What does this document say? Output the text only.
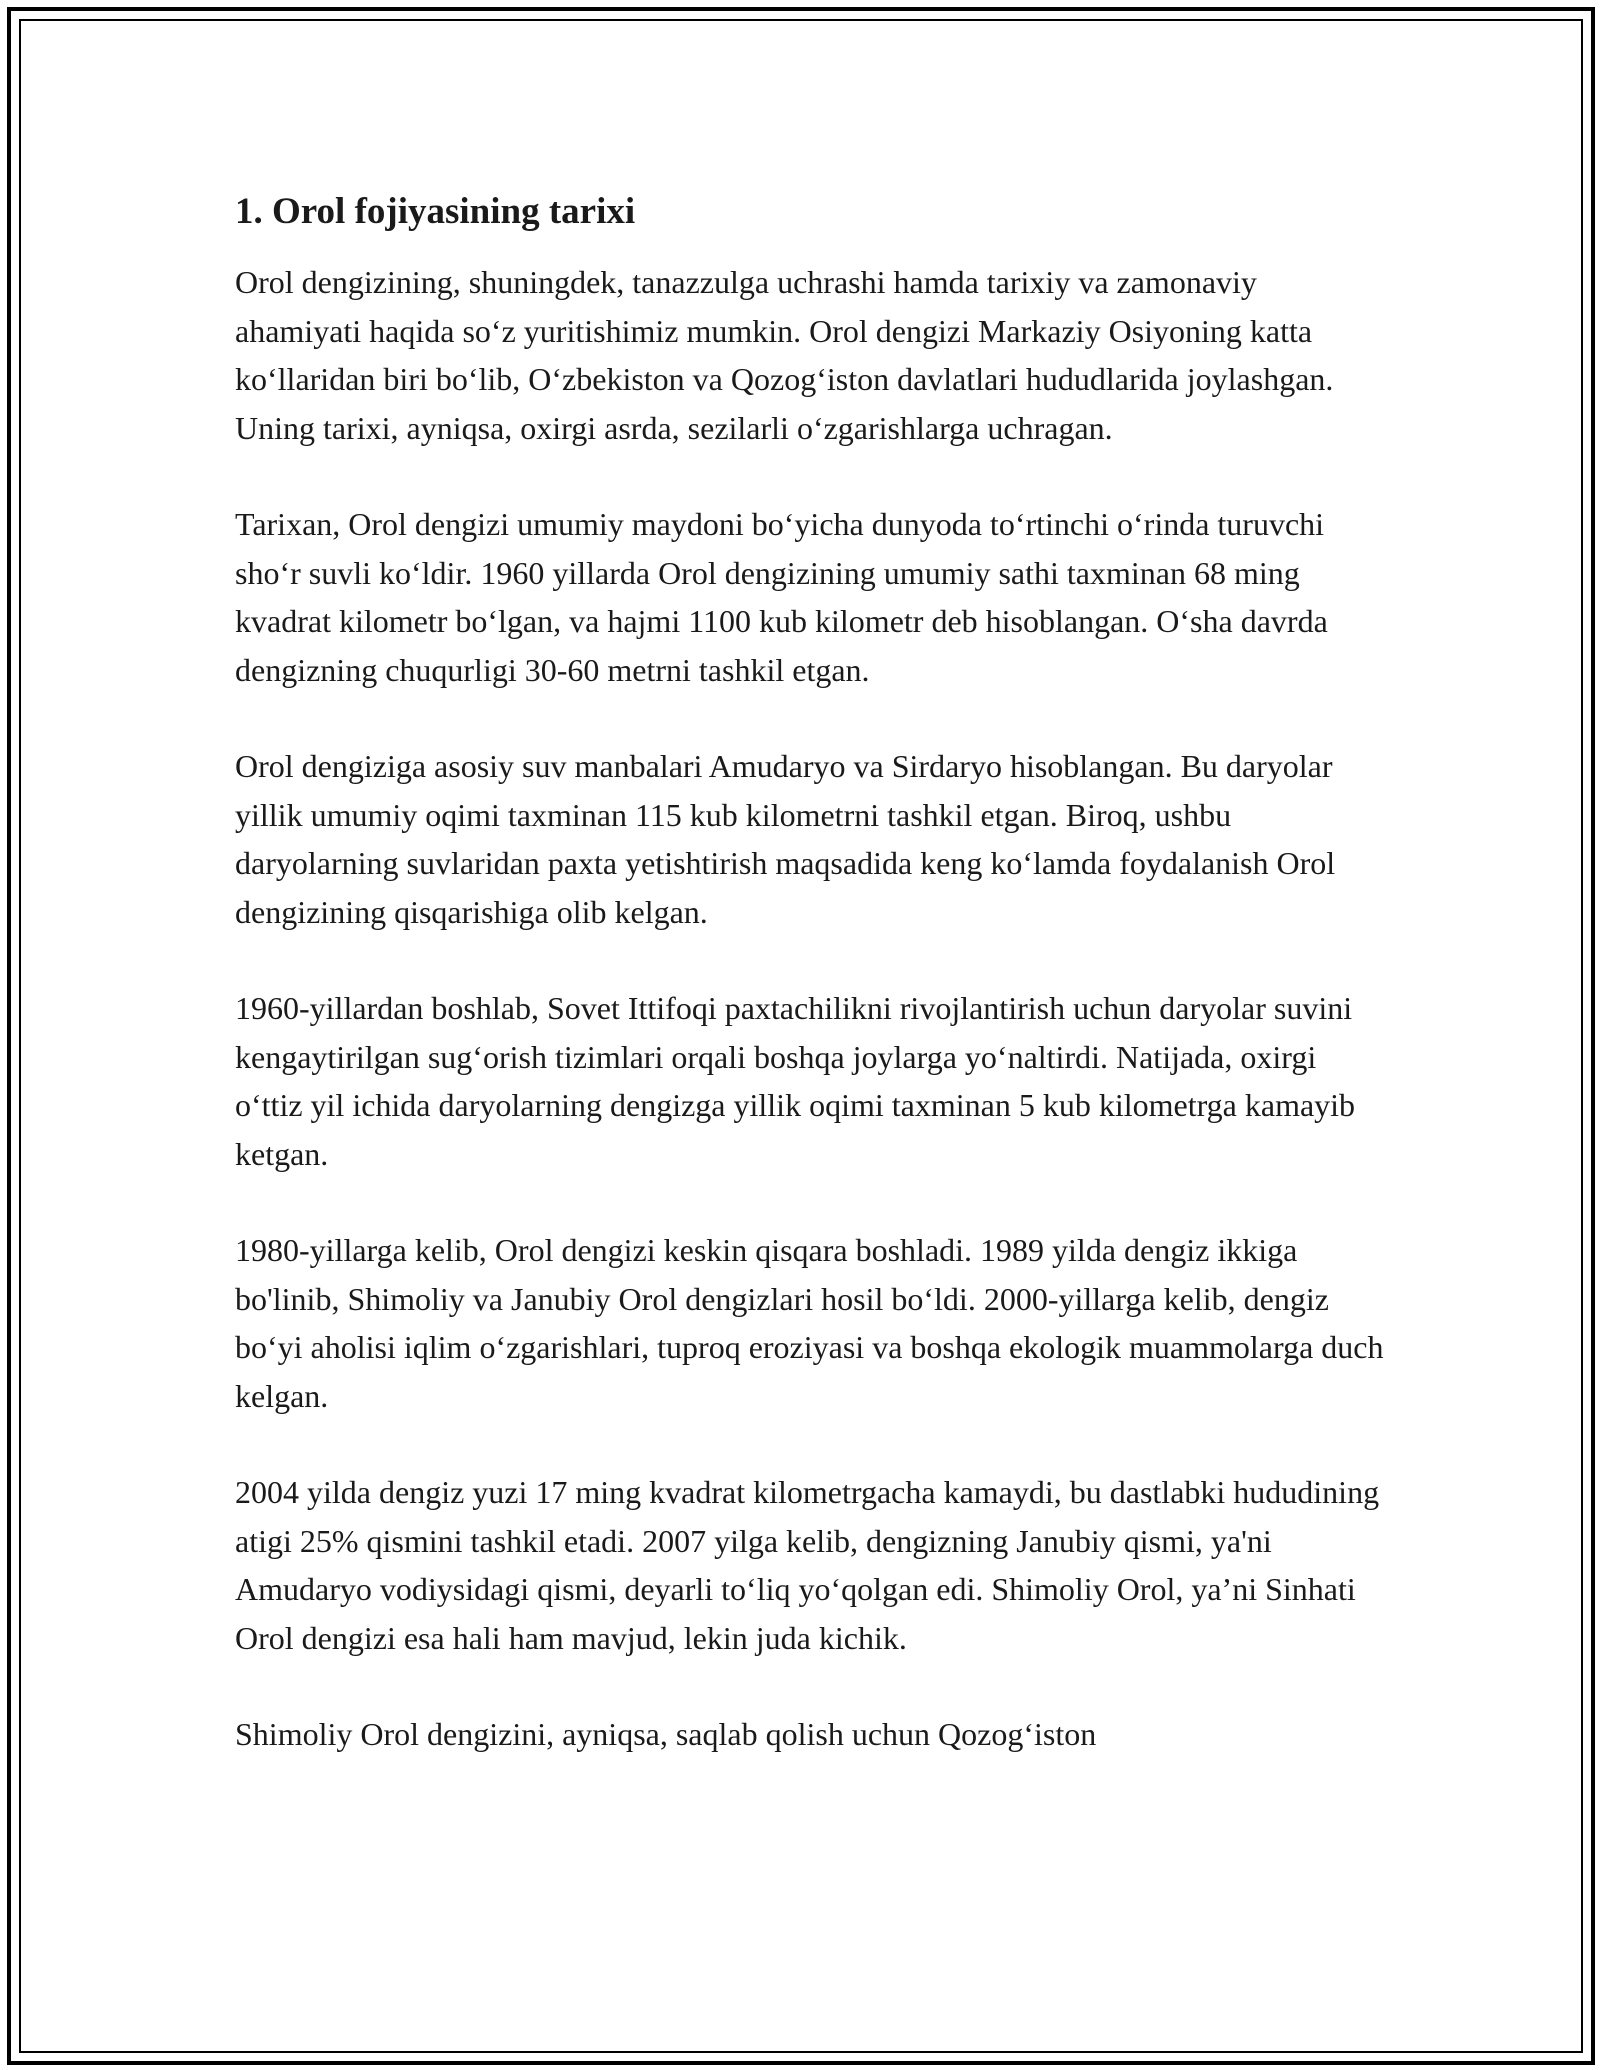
1. Orol fojiyasining tarixi

Orol dengizining, shuningdek, tanazzulga uchrashi hamda tarixiy va zamonaviy ahamiyati haqida so‘z yuritishimiz mumkin. Orol dengizi Markaziy Osiyoning katta ko‘llaridan biri bo‘lib, O‘zbekiston va Qozog‘iston davlatlari hududlarida joylashgan. Uning tarixi, ayniqsa, oxirgi asrda, sezilarli o‘zgarishlarga uchragan.

Tarixan, Orol dengizi umumiy maydoni bo‘yicha dunyoda to‘rtinchi o‘rinda turuvchi sho‘r suvli ko‘ldir. 1960 yillarda Orol dengizining umumiy sathi taxminan 68 ming kvadrat kilometr bo‘lgan, va hajmi 1100 kub kilometr deb hisoblangan. O‘sha davrda dengizning chuqurligi 30-60 metrni tashkil etgan.

Orol dengiziga asosiy suv manbalari Amudaryo va Sirdaryo hisoblangan. Bu daryolar yillik umumiy oqimi taxminan 115 kub kilometrni tashkil etgan. Biroq, ushbu daryolarning suvlaridan paxta yetishtirish maqsadida keng ko‘lamda foydalanish Orol dengizining qisqarishiga olib kelgan.

1960-yillardan boshlab, Sovet Ittifoqi paxtachilikni rivojlantirish uchun daryolar suvini kengaytirilgan sug‘orish tizimlari orqali boshqa joylarga yo‘naltirdi. Natijada, oxirgi o‘ttiz yil ichida daryolarning dengizga yillik oqimi taxminan 5 kub kilometrga kamayib ketgan.

1980-yillarga kelib, Orol dengizi keskin qisqara boshladi. 1989 yilda dengiz ikkiga bo'linib, Shimoliy va Janubiy Orol dengizlari hosil bo‘ldi. 2000-yillarga kelib, dengiz bo‘yi aholisi iqlim o‘zgarishlari, tuproq eroziyasi va boshqa ekologik muammolarga duch kelgan.

2004 yilda dengiz yuzi 17 ming kvadrat kilometrgacha kamaydi, bu dastlabki hududining atigi 25% qismini tashkil etadi. 2007 yilga kelib, dengizning Janubiy qismi, ya'ni Amudaryo vodiysidagi qismi, deyarli to‘liq yo‘qolgan edi. Shimoliy Orol, ya’ni Sinhati Orol dengizi esa hali ham mavjud, lekin juda kichik.

Shimoliy Orol dengizini, ayniqsa, saqlab qolish uchun Qozog‘iston
